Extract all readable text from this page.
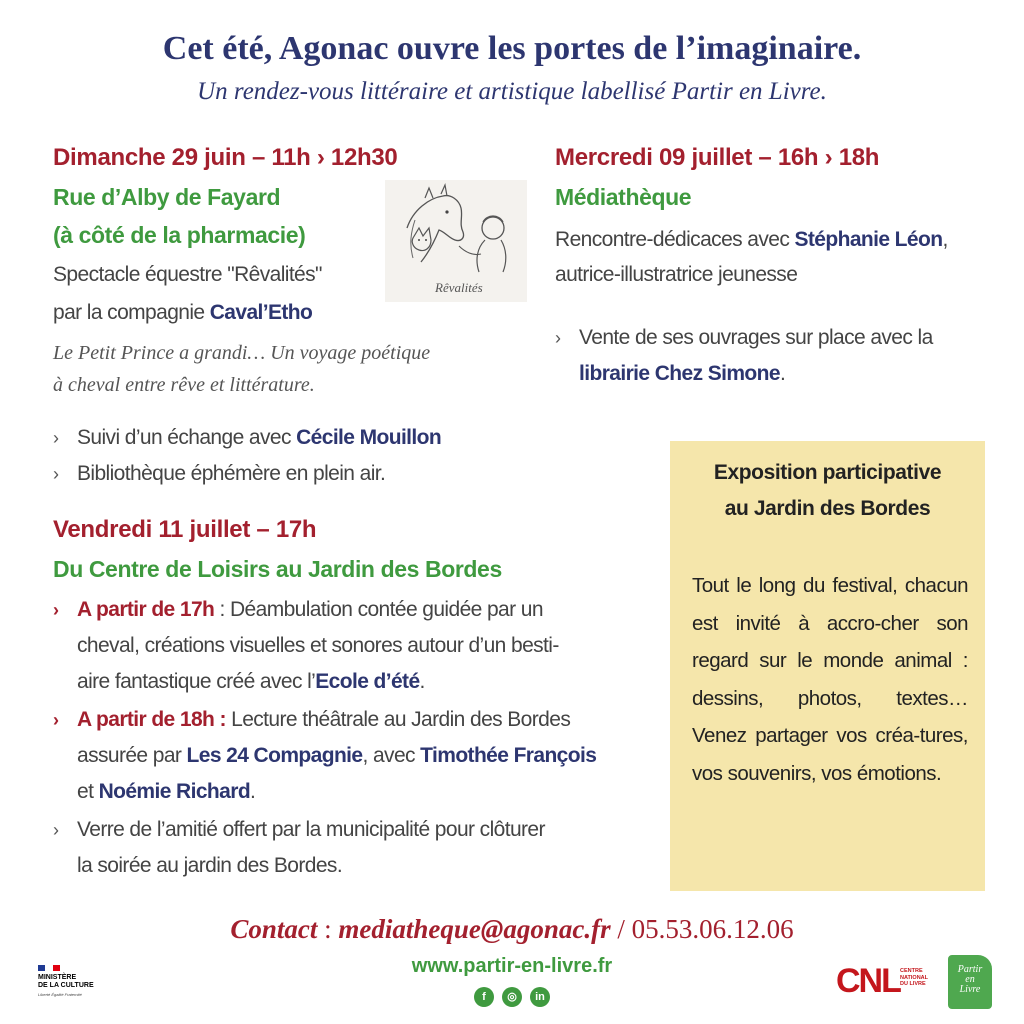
Cet été, Agonac ouvre les portes de l’imaginaire.
Un rendez-vous littéraire et artistique labellisé Partir en Livre.
Dimanche 29 juin – 11h › 12h30
Rue d’Alby de Fayard
(à côté de la pharmacie)
Spectacle équestre "Rêvalités"
par la compagnie Caval’Etho
Le Petit Prince a grandi… Un voyage poétique
à cheval entre rêve et littérature.
Rêvalités
› Suivi d’un échange avec Cécile Mouillon
› Bibliothèque éphémère en plein air.
Mercredi 09 juillet – 16h › 18h
Médiathèque
Rencontre-dédicaces avec Stéphanie Léon,
autrice-illustratrice jeunesse
› Vente de ses ouvrages sur place avec la
librairie Chez Simone.
Vendredi 11 juillet – 17h
Du Centre de Loisirs au Jardin des Bordes
› A partir de 17h : Déambulation contée guidée par un
cheval, créations visuelles et sonores autour d’un besti-
aire fantastique créé avec l’Ecole d’été.
› A partir de 18h : Lecture théâtrale au Jardin des Bordes
assurée par Les 24 Compagnie, avec Timothée François
et Noémie Richard.
› Verre de l’amitié offert par la municipalité pour clôturer
la soirée au jardin des Bordes.
Exposition participative
au Jardin des Bordes
Tout le long du festival, chacun est invité à accro-cher son regard sur le monde animal : dessins, photos, textes… Venez partager vos créa-tures, vos souvenirs, vos émotions.
Contact : mediatheque@agonac.fr / 05.53.06.12.06
www.partir-en-livre.fr
f	◎	in
MINISTÈRE
DE LA CULTURE
Liberté Égalité Fraternité	CNL CENTRE
NATIONAL
DU LIVRE
Partir
en
Livre
